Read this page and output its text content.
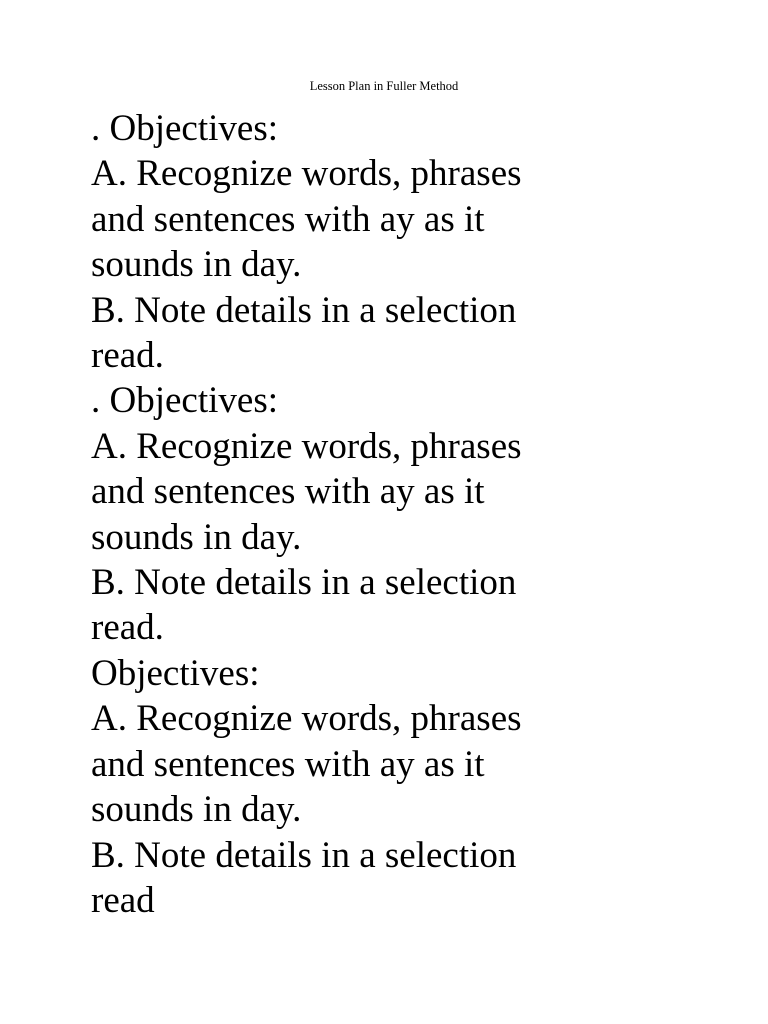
Lesson Plan in Fuller Method
. Objectives:
A. Recognize words, phrases
and sentences with ay as it
sounds in day.
B. Note details in a selection
read.
. Objectives:
A. Recognize words, phrases
and sentences with ay as it
sounds in day.
B. Note details in a selection
read.
Objectives:
A. Recognize words, phrases
and sentences with ay as it
sounds in day.
B. Note details in a selection
read
